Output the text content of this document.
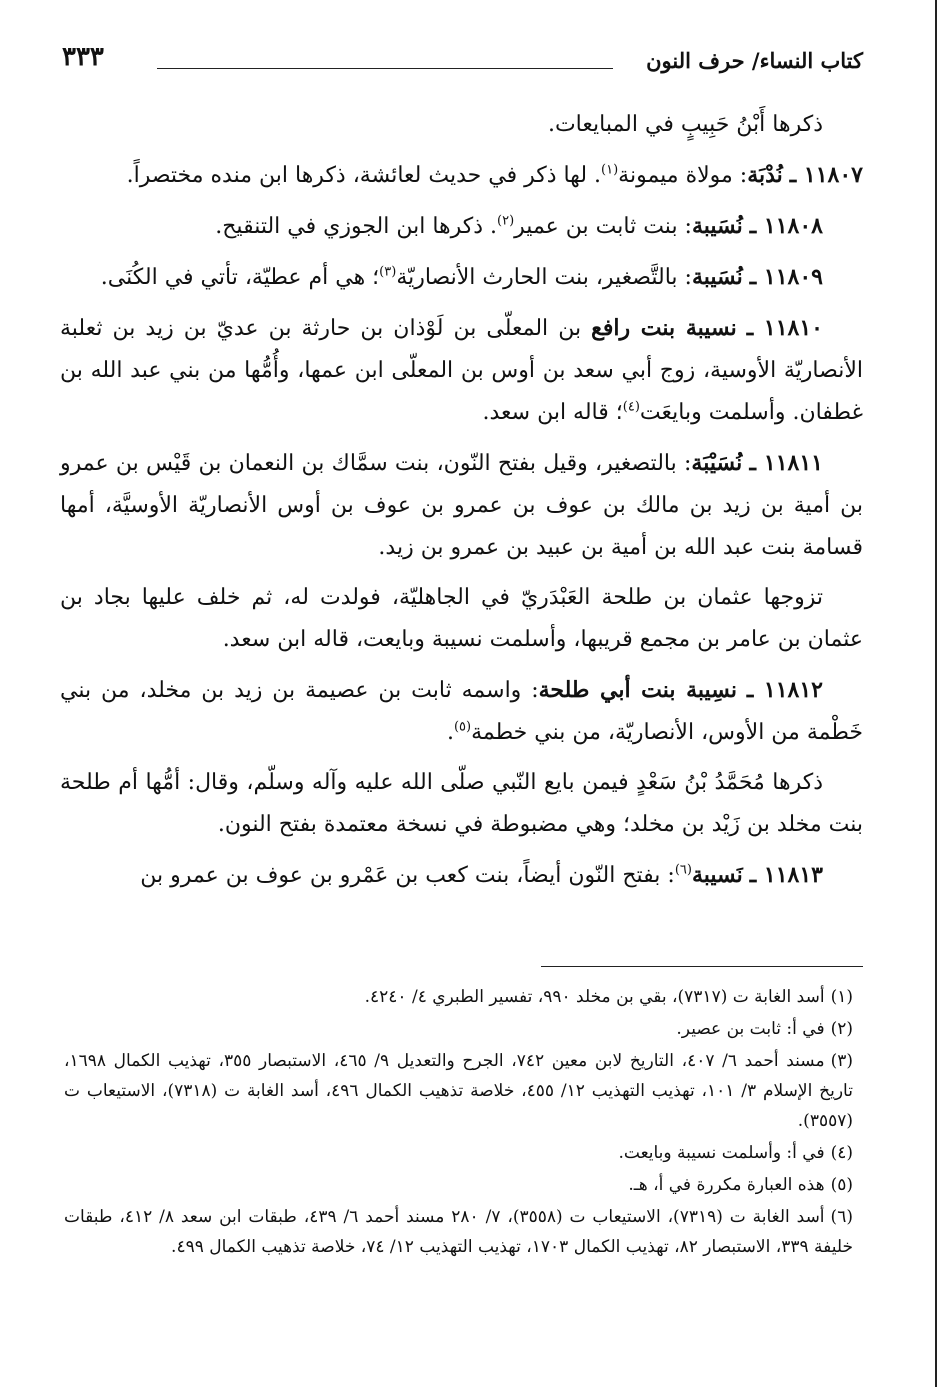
كتاب النساء/ حرف النون
٣٣٣

ذكرها أَبْنُ حَبِيبٍ في المبايعات.

١١٨٠٧ ـ نُدْبَة: مولاة ميمونة$^{(١)}$. لها ذكر في حديث لعائشة، ذكرها ابن منده مختصراً.

١١٨٠٨ ـ نُسَيبة: بنت ثابت بن عمير$^{(٢)}$. ذكرها ابن الجوزي في التنقيح.

١١٨٠٩ ـ نُسَيبة: بالتَّصغير، بنت الحارث الأنصاريّة$^{(٣)}$؛ هي أم عطيّة، تأتي في الكُنَى.

١١٨١٠ ـ نسيبة بنت رافع بن المعلّى بن لَوْذان بن حارثة بن عديّ بن زيد بن ثعلبة الأنصاريّة الأوسية، زوج أبي سعد بن أوس بن المعلّى ابن عمها، وأُمُّها من بني عبد الله بن غطفان. وأسلمت وبايعَت$^{(٤)}$؛ قاله ابن سعد.

١١٨١١ ـ نُسَيْبَة: بالتصغير، وقيل بفتح النّون، بنت سمَّاك بن النعمان بن قَيْس بن عمرو بن أمية بن زيد بن مالك بن عوف بن عمرو بن عوف بن أوس الأنصاريّة الأوسيَّة، أمها قسامة بنت عبد الله بن أمية بن عبيد بن عمرو بن زيد.

تزوجها عثمان بن طلحة العَبْدَريّ في الجاهليّة، فولدت له، ثم خلف عليها بجاد بن عثمان بن عامر بن مجمع قريبها، وأسلمت نسيبة وبايعت، قاله ابن سعد.

١١٨١٢ ـ نسِيبة بنت أبي طلحة: واسمه ثابت بن عصيمة بن زيد بن مخلد، من بني خَطْمة من الأوس، الأنصاريّة، من بني خطمة$^{(٥)}$.

ذكرها مُحَمَّدُ بْنُ سَعْدٍ فيمن بايع النّبي صلّى الله عليه وآله وسلّم، وقال: أمُّها أم طلحة بنت مخلد بن زَيْد بن مخلد؛ وهي مضبوطة في نسخة معتمدة بفتح النون.

١١٨١٣ ـ نَسيبة$^{(٦)}$: بفتح النّون أيضاً، بنت كعب بن عَمْرو بن عوف بن عمرو بن

(١)أسد الغابة ت (٧٣١٧)، بقي بن مخلد ٩٩٠، تفسير الطبري ٤/ ٤٢٤٠.
(٢)في أ: ثابت بن عصير.
(٣)مسند أحمد ٦/ ٤٠٧، التاريخ لابن معين ٧٤٢، الجرح والتعديل ٩/ ٤٦٥، الاستبصار ٣٥٥، تهذيب الكمال ١٦٩٨، تاريخ الإسلام ٣/ ١٠١، تهذيب التهذيب ١٢/ ٤٥٥، خلاصة تذهيب الكمال ٤٩٦، أسد الغابة ت (٧٣١٨)، الاستيعاب ت (٣٥٥٧).
(٤)في أ: وأسلمت نسيبة وبايعت.
(٥)هذه العبارة مكررة في أ، هـ.
(٦)أسد الغابة ت (٧٣١٩)، الاستيعاب ت (٣٥٥٨)، ٧/ ٢٨٠ مسند أحمد ٦/ ٤٣٩، طبقات ابن سعد ٨/ ٤١٢، طبقات خليفة ٣٣٩، الاستبصار ٨٢، تهذيب الكمال ١٧٠٣، تهذيب التهذيب ١٢/ ٧٤، خلاصة تذهيب الكمال ٤٩٩.
